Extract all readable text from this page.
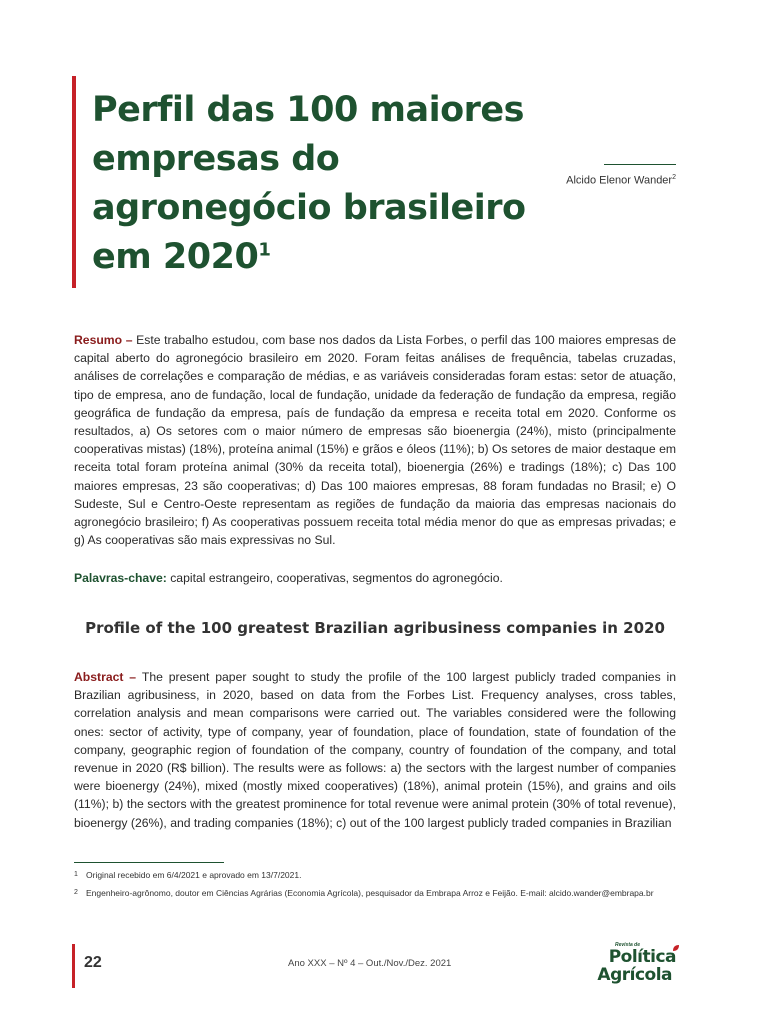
Perfil das 100 maiores empresas do agronegócio brasileiro em 2020$^1$
Alcido Elenor Wander$^2$

Resumo – Este trabalho estudou, com base nos dados da Lista Forbes, o perfil das 100 maiores empresas de capital aberto do agronegócio brasileiro em 2020. Foram feitas análises de frequência, tabelas cruzadas, análises de correlações e comparação de médias, e as variáveis consideradas foram estas: setor de atuação, tipo de empresa, ano de fundação, local de fundação, unidade da federação de fundação da empresa, região geográfica de fundação da empresa, país de fundação da empresa e receita total em 2020. Conforme os resultados, a) Os setores com o maior número de empresas são bioenergia (24%), misto (principalmente cooperativas mistas) (18%), proteína animal (15%) e grãos e óleos (11%); b) Os setores de maior destaque em receita total foram proteína animal (30% da receita total), bioenergia (26%) e tradings (18%); c) Das 100 maiores empresas, 23 são cooperativas; d) Das 100 maiores empresas, 88 foram fundadas no Brasil; e) O Sudeste, Sul e Centro-Oeste representam as regiões de fundação da maioria das empresas nacionais do agronegócio brasileiro; f) As cooperativas possuem receita total média menor do que as empresas privadas; e g) As cooperativas são mais expressivas no Sul.

Palavras-chave: capital estrangeiro, cooperativas, segmentos do agronegócio.

Profile of the 100 greatest Brazilian agribusiness companies in 2020

Abstract – The present paper sought to study the profile of the 100 largest publicly traded companies in Brazilian agribusiness, in 2020, based on data from the Forbes List. Frequency analyses, cross tables, correlation analysis and mean comparisons were carried out. The variables considered were the following ones: sector of activity, type of company, year of foundation, place of foundation, state of foundation of the company, geographic region of foundation of the company, country of foundation of the company, and total revenue in 2020 (R$ billion). The results were as follows: a) the sectors with the largest number of companies were bioenergy (24%), mixed (mostly mixed cooperatives) (18%), animal protein (15%), and grains and oils (11%); b) the sectors with the greatest prominence for total revenue were animal protein (30% of total revenue), bioenergy (26%), and trading companies (18%); c) out of the 100 largest publicly traded companies in Brazilian

1 Original recebido em 6/4/2021 e aprovado em 13/7/2021.
2 Engenheiro-agrônomo, doutor em Ciências Agrárias (Economia Agrícola), pesquisador da Embrapa Arroz e Feijão. E-mail: alcido.wander@embrapa.br
22	Ano XXX – Nº 4 – Out./Nov./Dez. 2021
Revista de
Política
Agrícola
